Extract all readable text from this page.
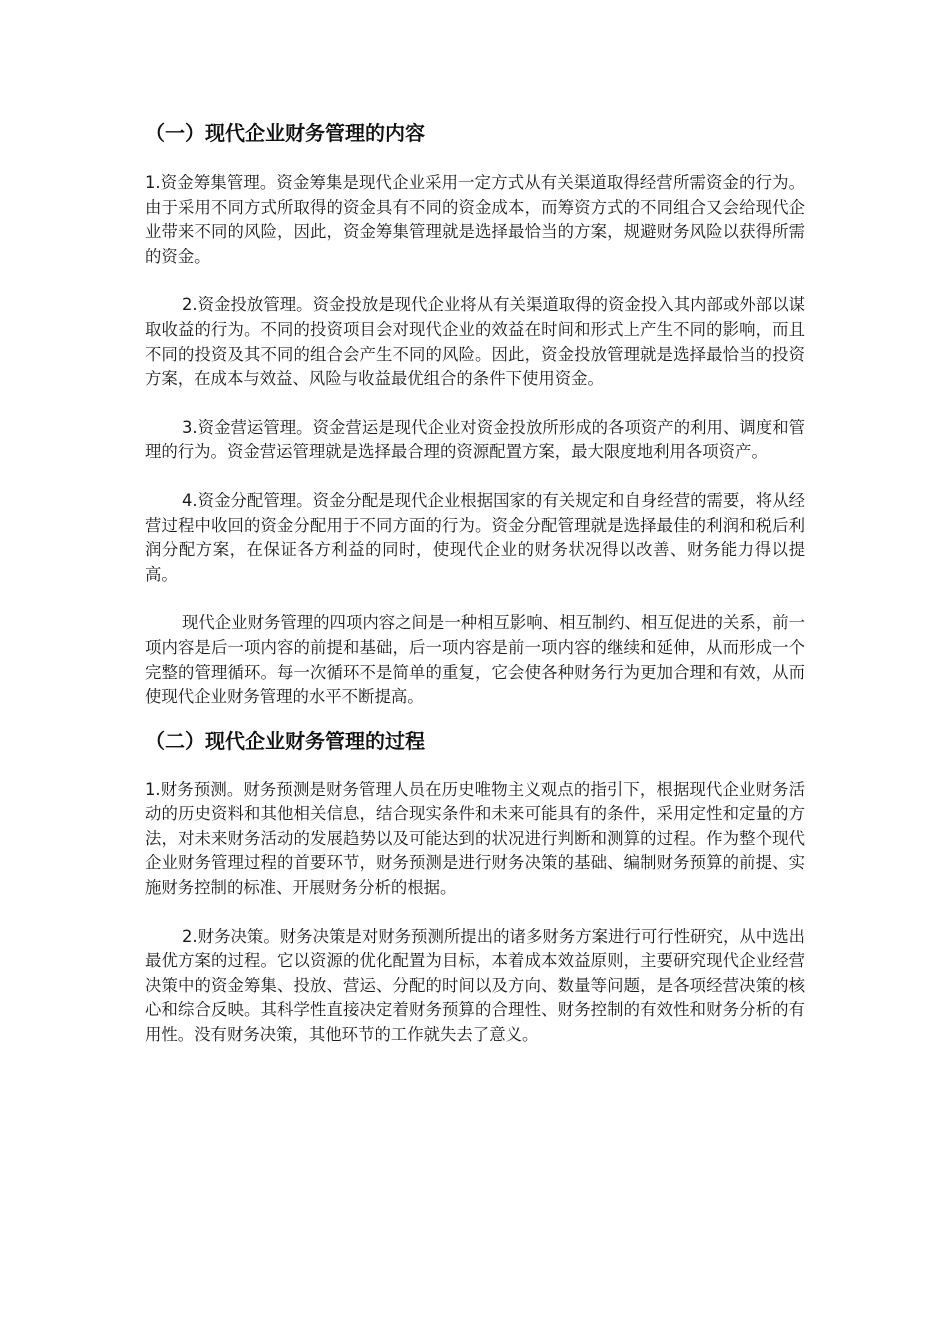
（一）现代企业财务管理的内容

1.资金筹集管理。资金筹集是现代企业采用一定方式从有关渠道取得经营所需资金的行为。由于采用不同方式所取得的资金具有不同的资金成本，而筹资方式的不同组合又会给现代企业带来不同的风险，因此，资金筹集管理就是选择最恰当的方案，规避财务风险以获得所需的资金。

2.资金投放管理。资金投放是现代企业将从有关渠道取得的资金投入其内部或外部以谋取收益的行为。不同的投资项目会对现代企业的效益在时间和形式上产生不同的影响，而且不同的投资及其不同的组合会产生不同的风险。因此，资金投放管理就是选择最恰当的投资方案，在成本与效益、风险与收益最优组合的条件下使用资金。

3.资金营运管理。资金营运是现代企业对资金投放所形成的各项资产的利用、调度和管理的行为。资金营运管理就是选择最合理的资源配置方案，最大限度地利用各项资产。

4.资金分配管理。资金分配是现代企业根据国家的有关规定和自身经营的需要，将从经营过程中收回的资金分配用于不同方面的行为。资金分配管理就是选择最佳的利润和税后利润分配方案，在保证各方利益的同时，使现代企业的财务状况得以改善、财务能力得以提高。

现代企业财务管理的四项内容之间是一种相互影响、相互制约、相互促进的关系，前一项内容是后一项内容的前提和基础，后一项内容是前一项内容的继续和延伸，从而形成一个完整的管理循环。每一次循环不是简单的重复，它会使各种财务行为更加合理和有效，从而使现代企业财务管理的水平不断提高。

（二）现代企业财务管理的过程

1.财务预测。财务预测是财务管理人员在历史唯物主义观点的指引下，根据现代企业财务活动的历史资料和其他相关信息，结合现实条件和未来可能具有的条件，采用定性和定量的方法，对未来财务活动的发展趋势以及可能达到的状况进行判断和测算的过程。作为整个现代企业财务管理过程的首要环节，财务预测是进行财务决策的基础、编制财务预算的前提、实施财务控制的标准、开展财务分析的根据。

2.财务决策。财务决策是对财务预测所提出的诸多财务方案进行可行性研究，从中选出最优方案的过程。它以资源的优化配置为目标，本着成本效益原则，主要研究现代企业经营决策中的资金筹集、投放、营运、分配的时间以及方向、数量等问题，是各项经营决策的核心和综合反映。其科学性直接决定着财务预算的合理性、财务控制的有效性和财务分析的有用性。没有财务决策，其他环节的工作就失去了意义。
